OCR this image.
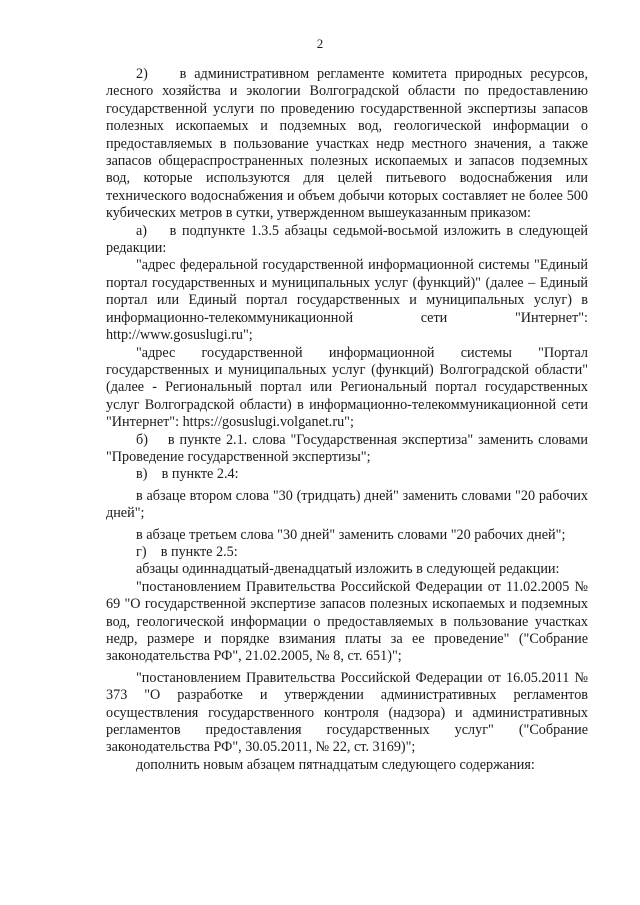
2

2)    в административном регламенте комитета природных ресурсов, лесного хозяйства и экологии Волгоградской области по предоставлению государственной услуги по проведению государственной экспертизы запасов полезных ископаемых и подземных вод, геологической информации о предоставляемых в пользование участках недр местного значения, а также запасов общераспространенных полезных ископаемых и запасов подземных вод, которые используются для целей питьевого водоснабжения или технического водоснабжения и объем добычи которых составляет не более 500 кубических метров в сутки, утвержденном вышеуказанным приказом:

а)    в подпункте 1.3.5 абзацы седьмой-восьмой изложить в следующей редакции:

"адрес федеральной государственной информационной системы "Единый портал государственных и муниципальных услуг (функций)" (далее – Единый портал или Единый портал государственных и муниципальных услуг) в информационно-телекоммуникационной сети "Интернет": http://www.gosuslugi.ru";

"адрес государственной информационной системы "Портал государственных и муниципальных услуг (функций) Волгоградской области" (далее - Региональный портал или Региональный портал государственных услуг Волгоградской области) в информационно-телекоммуникационной сети "Интернет": https://gosuslugi.volganet.ru";

б)    в пункте 2.1. слова "Государственная экспертиза" заменить словами "Проведение государственной экспертизы";

в)    в пункте 2.4:

в абзаце втором слова "30 (тридцать) дней" заменить словами "20 рабочих дней";

в абзаце третьем слова "30 дней" заменить словами "20 рабочих дней";

г)    в пункте 2.5:

абзацы одиннадцатый-двенадцатый изложить в следующей редакции:

"постановлением Правительства Российской Федерации от 11.02.2005 № 69 "О государственной экспертизе запасов полезных ископаемых и подземных вод, геологической информации о предоставляемых в пользование участках недр, размере и порядке взимания платы за ее проведение" ("Собрание законодательства РФ", 21.02.2005, № 8, ст. 651)";

"постановлением Правительства Российской Федерации от 16.05.2011 № 373 "О разработке и утверждении административных регламентов осуществления государственного контроля (надзора) и административных регламентов предоставления государственных услуг" ("Собрание законодательства РФ", 30.05.2011, № 22, ст. 3169)";

дополнить новым абзацем пятнадцатым следующего содержания:
